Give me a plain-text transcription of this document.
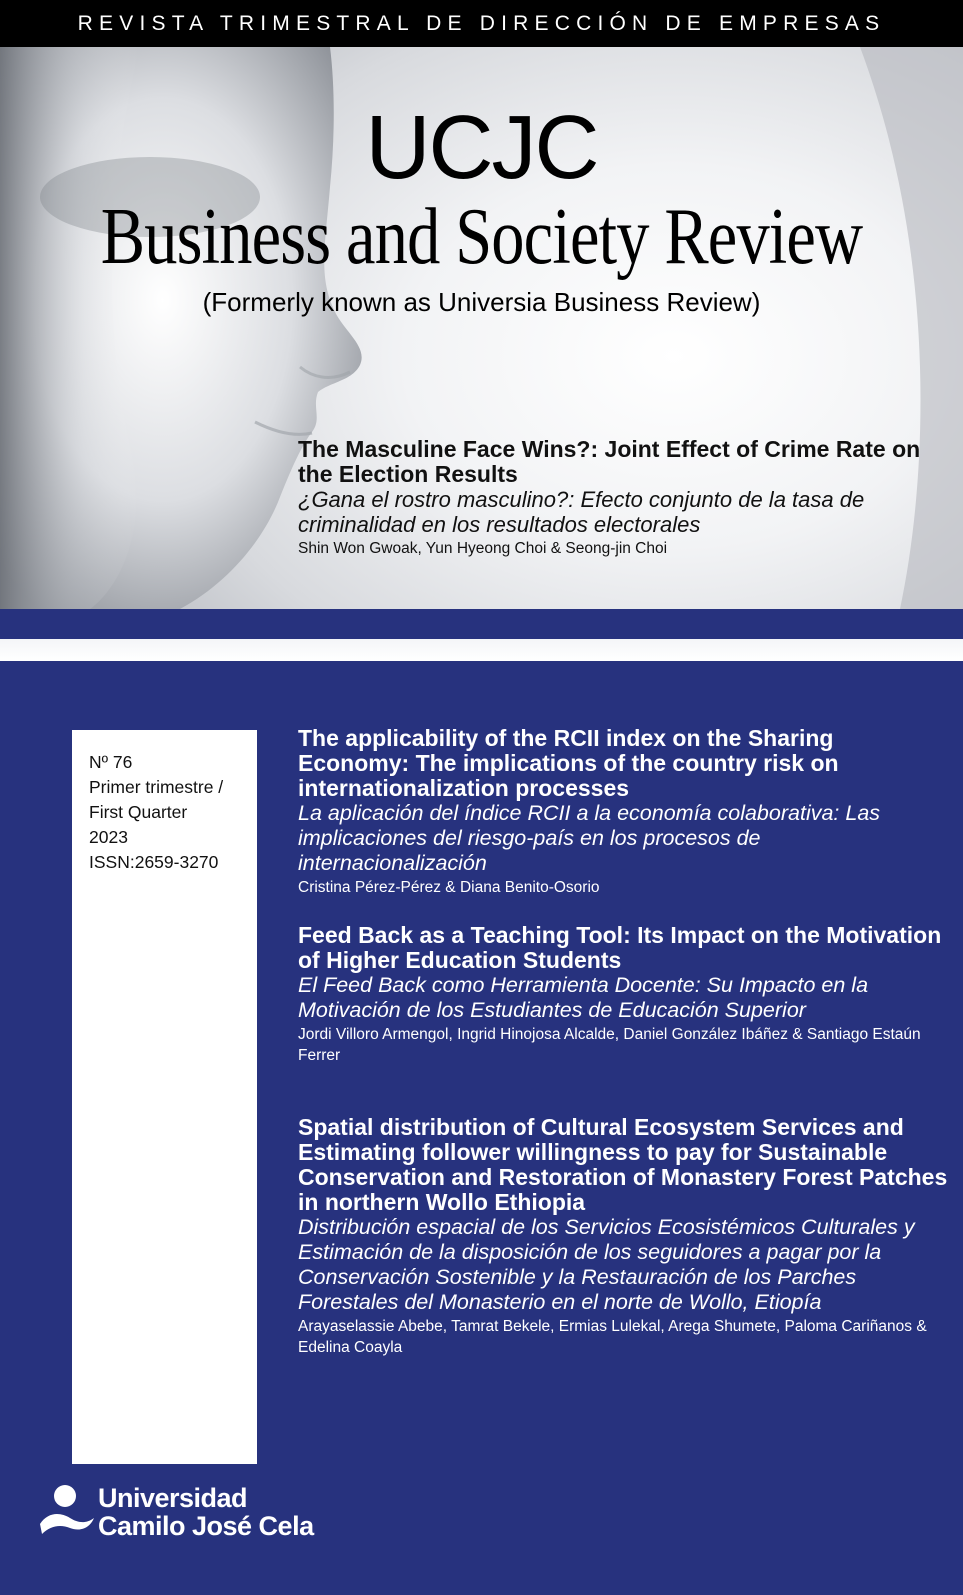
REVISTA TRIMESTRAL DE DIRECCIÓN DE EMPRESAS
UCJC
Business and Society Review
(Formerly known as Universia Business Review)
The Masculine Face Wins?: Joint Effect of Crime Rate on the Election Results
¿Gana el rostro masculino?: Efecto conjunto de la tasa de criminalidad en los resultados electorales
Shin Won Gwoak, Yun Hyeong Choi & Seong-jin Choi
Nº 76
Primer trimestre /
First Quarter
2023
ISSN:2659-3270
The applicability of the RCII index on the Sharing Economy: The implications of the country risk on internationalization processes
La aplicación del índice RCII a la economía colaborativa: Las implicaciones del riesgo-país en los procesos de internacionalización
Cristina Pérez-Pérez & Diana Benito-Osorio
Feed Back as a Teaching Tool: Its Impact on the Motivation of Higher Education Students
El Feed Back como Herramienta Docente: Su Impacto en la Motivación de los Estudiantes de Educación Superior
Jordi Villoro Armengol, Ingrid Hinojosa Alcalde, Daniel González Ibáñez & Santiago Estaún Ferrer
Spatial distribution of Cultural Ecosystem Services and Estimating follower willingness to pay for Sustainable Conservation and Restoration of Monastery Forest Patches in northern Wollo Ethiopia
Distribución espacial de los Servicios Ecosistémicos Culturales y Estimación de la disposición de los seguidores a pagar por la Conservación Sostenible y la Restauración de los Parches Forestales del Monasterio en el norte de Wollo, Etiopía
Arayaselassie Abebe, Tamrat Bekele, Ermias Lulekal, Arega Shumete, Paloma Cariñanos & Edelina Coayla
Universidad
Camilo José Cela
